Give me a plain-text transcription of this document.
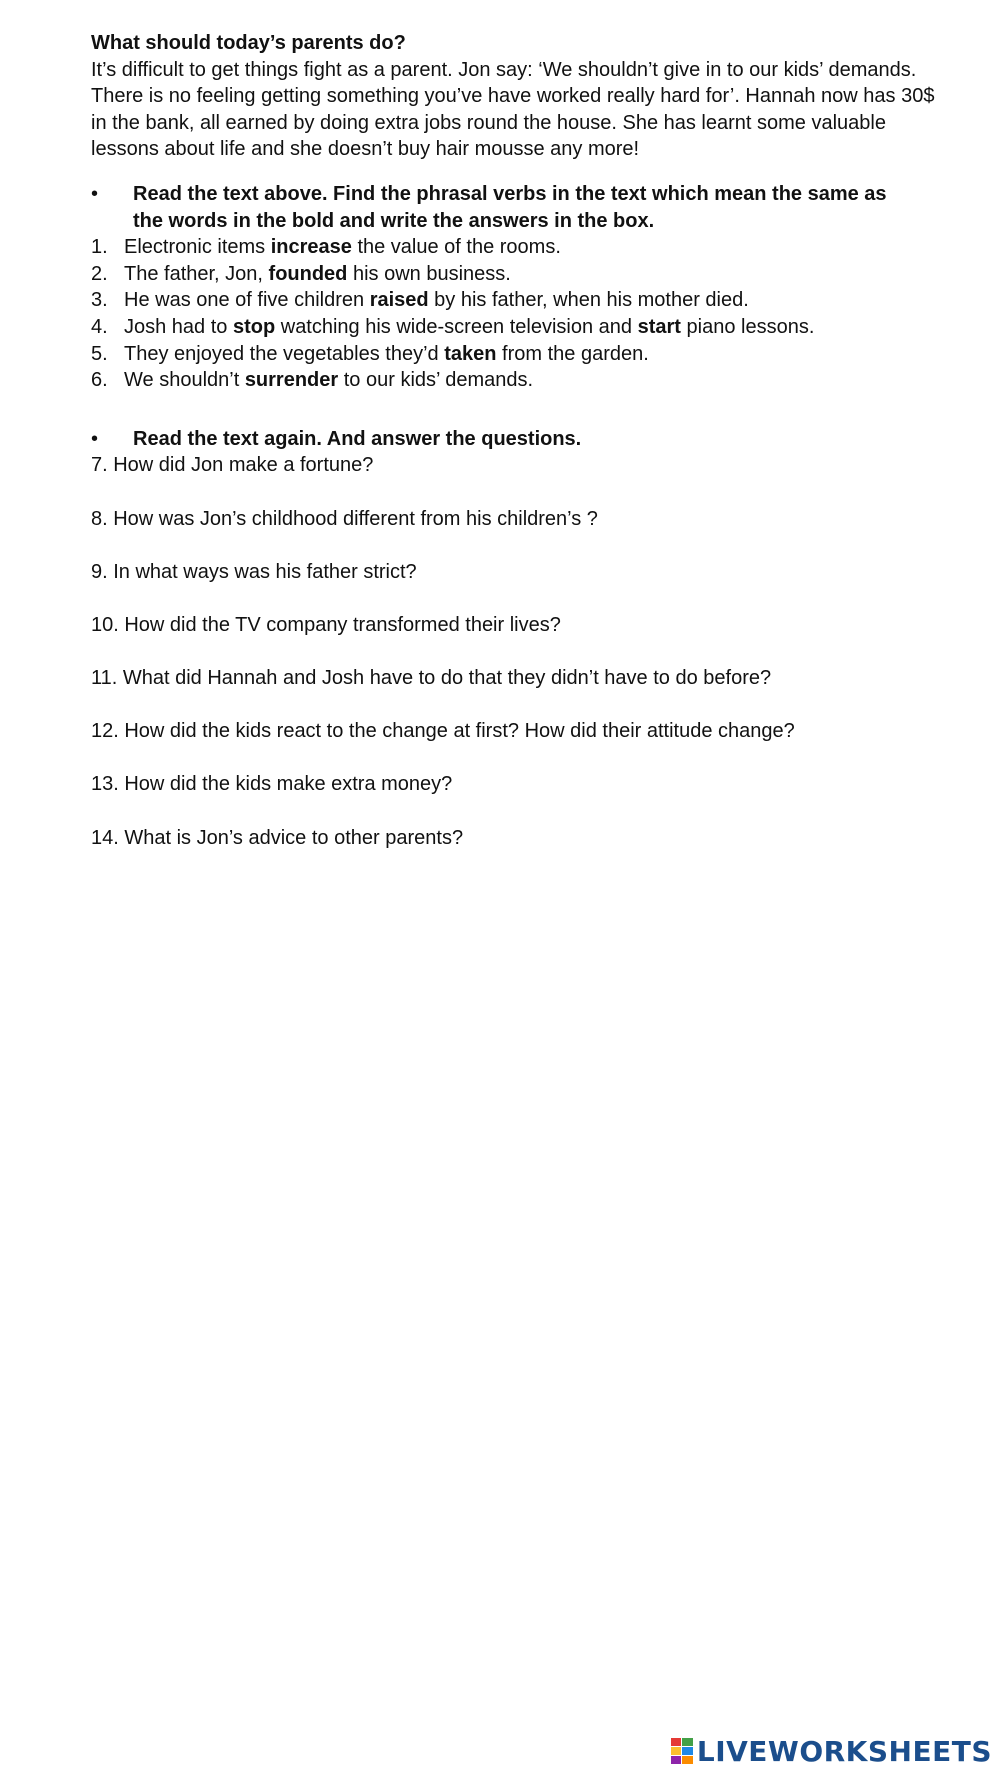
What should today’s parents do?
It’s difficult to get things fight as a parent. Jon say: ‘We shouldn’t give in to our kids’ demands.
There is no feeling getting something you’ve have worked really hard for’. Hannah now has 30$
in the bank, all earned by doing extra jobs round the house. She has learnt some valuable
lessons about life and she doesn’t buy hair mousse any more!
•	Read the text above. Find the phrasal verbs in the text which mean the same as the words in the bold and write the answers in the box.
1. Electronic items increase the value of the rooms.
2. The father, Jon, founded his own business.
3. He was one of five children raised by his father, when his mother died.
4. Josh had to stop watching his wide-screen television and start piano lessons.
5. They enjoyed the vegetables they’d taken from the garden.
6. We shouldn’t surrender to our kids’ demands.
•	Read the text again. And answer the questions.

7. How did Jon make a fortune?

8. How was Jon’s childhood different from his children’s ?

9. In what ways was his father strict?

10. How did the TV company transformed their lives?

11. What did Hannah and Josh have to do that they didn’t have to do before?

12. How did the kids react to the change at first? How did their attitude change?

13. How did the kids make extra money?

14. What is Jon’s advice to other parents?

LIVEWORKSHEETS
